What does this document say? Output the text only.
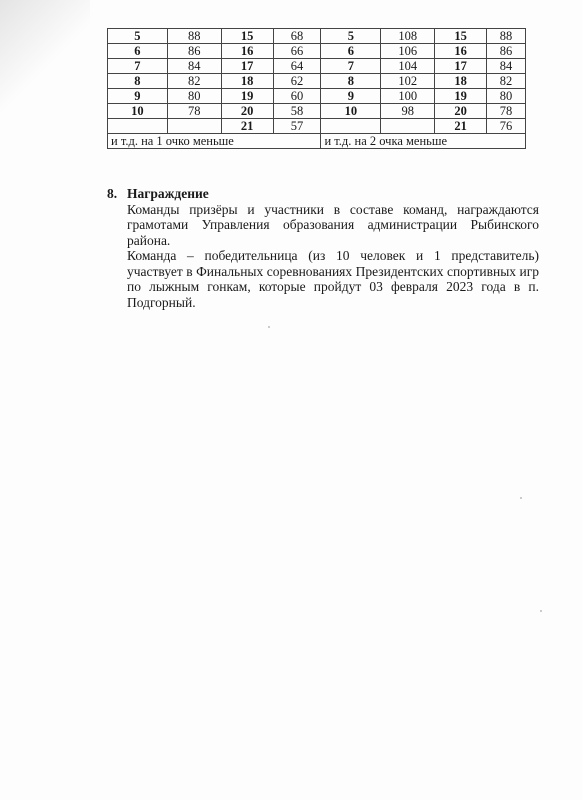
5	88	15	68	5	108	15	88
6	86	16	66	6	106	16	86
7	84	17	64	7	104	17	84
8	82	18	62	8	102	18	82
9	80	19	60	9	100	19	80
10	78	20	58	10	98	20	78
		21	57			21	76
и т.д. на 1 очко меньше				и т.д. на 2 очка меньше			
8. Награждение
Команды призёры и участники в составе команд, награждаются грамотами Управления образования администрации Рыбинского района.
Команда – победительница (из 10 человек и 1 представитель) участвует в Финальных соревнованиях Президентских спортивных игр по лыжным гонкам, которые пройдут 03 февраля 2023 года в п. Подгорный.
